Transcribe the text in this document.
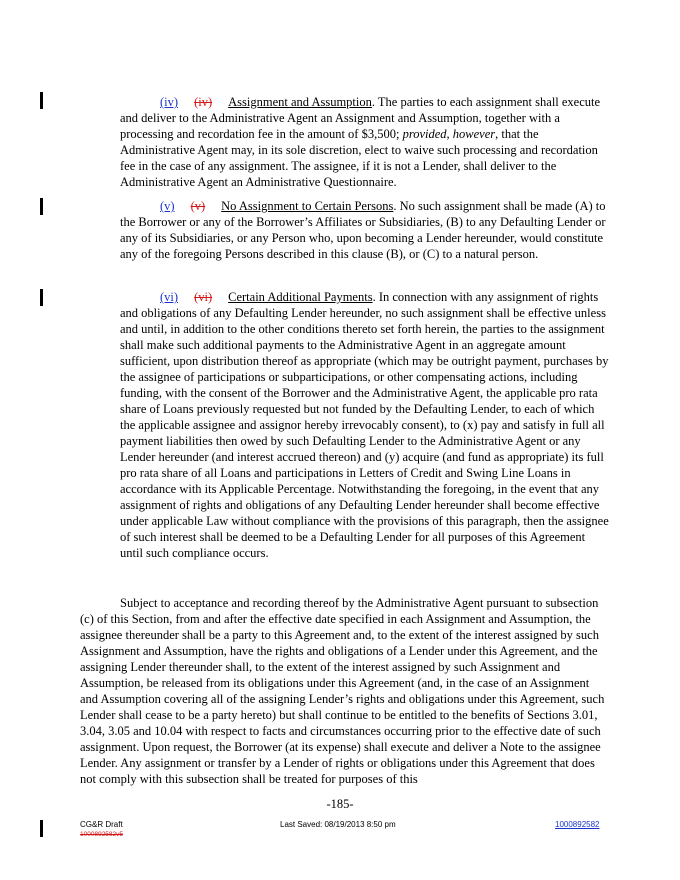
(iv) (iv) Assignment and Assumption. The parties to each assignment shall execute and deliver to the Administrative Agent an Assignment and Assumption, together with a processing and recordation fee in the amount of $3,500; provided, however, that the Administrative Agent may, in its sole discretion, elect to waive such processing and recordation fee in the case of any assignment. The assignee, if it is not a Lender, shall deliver to the Administrative Agent an Administrative Questionnaire.

(v) (v) No Assignment to Certain Persons. No such assignment shall be made (A) to the Borrower or any of the Borrower’s Affiliates or Subsidiaries, (B) to any Defaulting Lender or any of its Subsidiaries, or any Person who, upon becoming a Lender hereunder, would constitute any of the foregoing Persons described in this clause (B), or (C) to a natural person.

(vi) (vi) Certain Additional Payments. In connection with any assignment of rights and obligations of any Defaulting Lender hereunder, no such assignment shall be effective unless and until, in addition to the other conditions thereto set forth herein, the parties to the assignment shall make such additional payments to the Administrative Agent in an aggregate amount sufficient, upon distribution thereof as appropriate (which may be outright payment, purchases by the assignee of participations or subparticipations, or other compensating actions, including funding, with the consent of the Borrower and the Administrative Agent, the applicable pro rata share of Loans previously requested but not funded by the Defaulting Lender, to each of which the applicable assignee and assignor hereby irrevocably consent), to (x) pay and satisfy in full all payment liabilities then owed by such Defaulting Lender to the Administrative Agent or any Lender hereunder (and interest accrued thereon) and (y) acquire (and fund as appropriate) its full pro rata share of all Loans and participations in Letters of Credit and Swing Line Loans in accordance with its Applicable Percentage. Notwithstanding the foregoing, in the event that any assignment of rights and obligations of any Defaulting Lender hereunder shall become effective under applicable Law without compliance with the provisions of this paragraph, then the assignee of such interest shall be deemed to be a Defaulting Lender for all purposes of this Agreement until such compliance occurs.

Subject to acceptance and recording thereof by the Administrative Agent pursuant to subsection (c) of this Section, from and after the effective date specified in each Assignment and Assumption, the assignee thereunder shall be a party to this Agreement and, to the extent of the interest assigned by such Assignment and Assumption, have the rights and obligations of a Lender under this Agreement, and the assigning Lender thereunder shall, to the extent of the interest assigned by such Assignment and Assumption, be released from its obligations under this Agreement (and, in the case of an Assignment and Assumption covering all of the assigning Lender’s rights and obligations under this Agreement, such Lender shall cease to be a party hereto) but shall continue to be entitled to the benefits of Sections 3.01, 3.04, 3.05 and 10.04 with respect to facts and circumstances occurring prior to the effective date of such assignment. Upon request, the Borrower (at its expense) shall execute and deliver a Note to the assignee Lender. Any assignment or transfer by a Lender of rights or obligations under this Agreement that does not comply with this subsection shall be treated for purposes of this

-185-
CG&R Draft
1000892582v5
Last Saved: 08/19/2013 8:50 pm	1000892582
